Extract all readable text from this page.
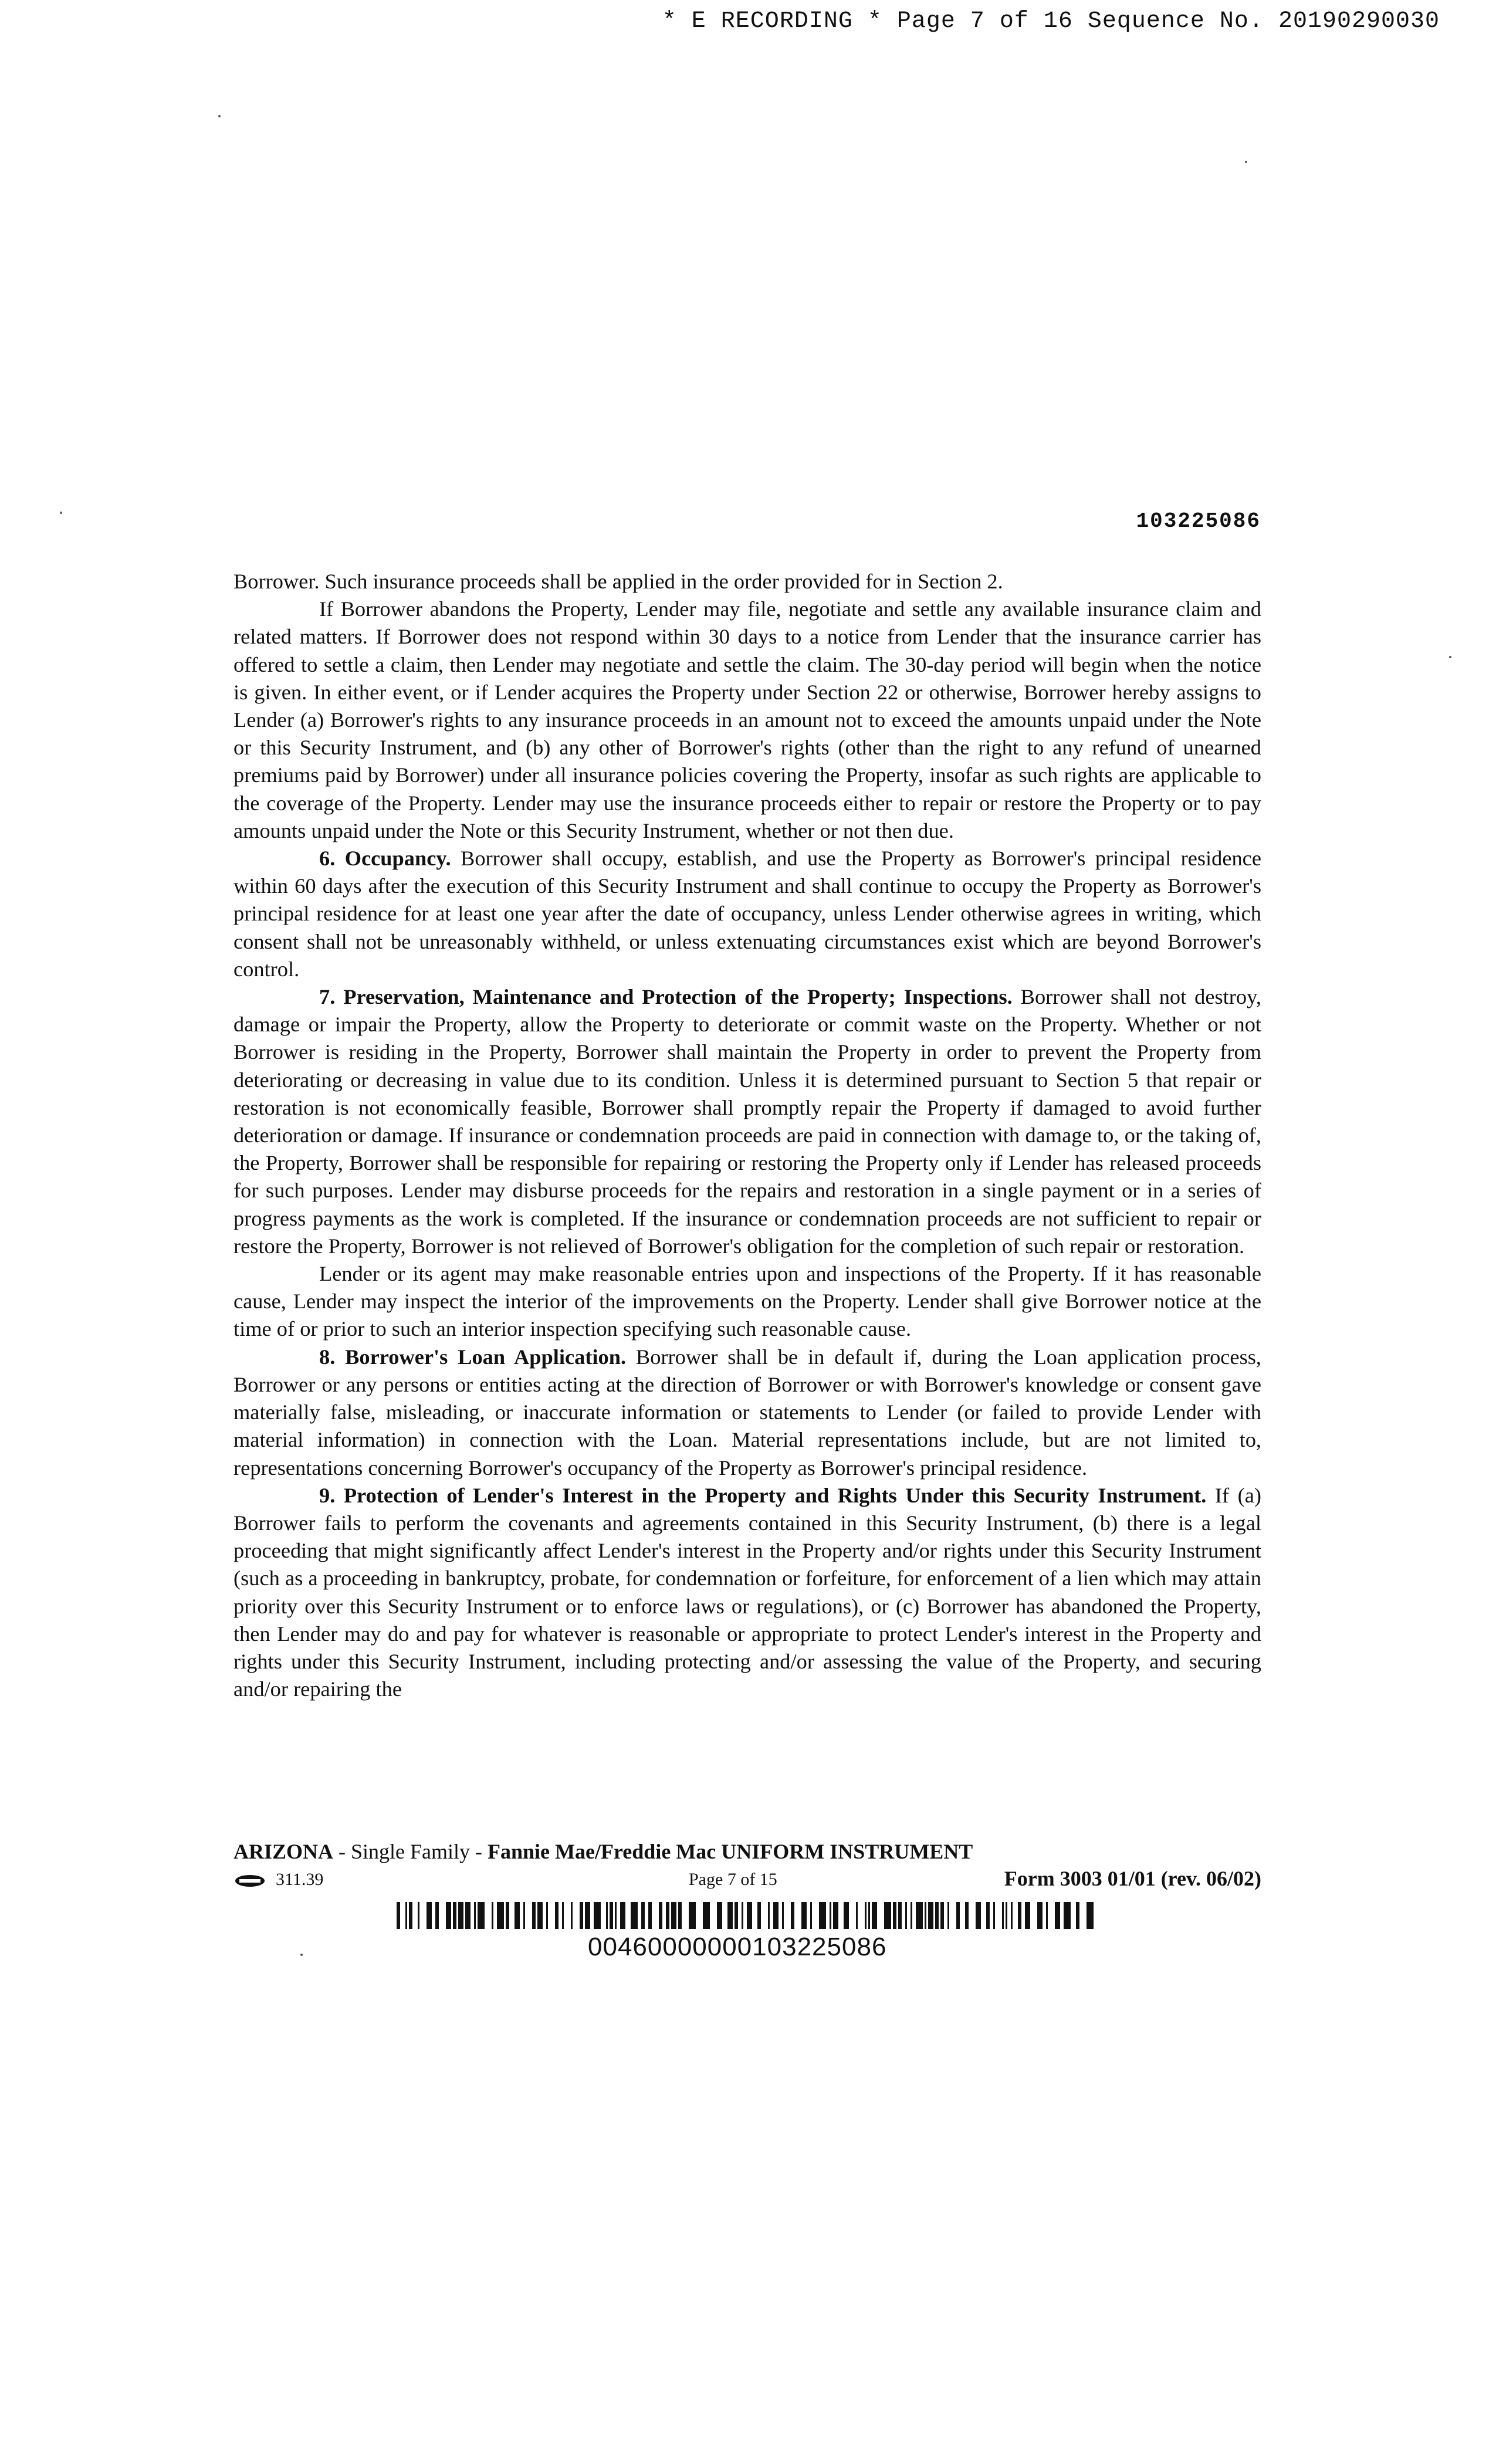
* E RECORDING * Page 7 of 16 Sequence No. 20190290030
103225086

Borrower. Such insurance proceeds shall be applied in the order provided for in Section 2.

If Borrower abandons the Property, Lender may file, negotiate and settle any available insurance claim and related matters. If Borrower does not respond within 30 days to a notice from Lender that the insurance carrier has offered to settle a claim, then Lender may negotiate and settle the claim. The 30-day period will begin when the notice is given. In either event, or if Lender acquires the Property under Section 22 or otherwise, Borrower hereby assigns to Lender (a) Borrower's rights to any insurance proceeds in an amount not to exceed the amounts unpaid under the Note or this Security Instrument, and (b) any other of Borrower's rights (other than the right to any refund of unearned premiums paid by Borrower) under all insurance policies covering the Property, insofar as such rights are applicable to the coverage of the Property. Lender may use the insurance proceeds either to repair or restore the Property or to pay amounts unpaid under the Note or this Security Instrument, whether or not then due.

6. Occupancy. Borrower shall occupy, establish, and use the Property as Borrower's principal residence within 60 days after the execution of this Security Instrument and shall continue to occupy the Property as Borrower's principal residence for at least one year after the date of occupancy, unless Lender otherwise agrees in writing, which consent shall not be unreasonably withheld, or unless extenuating circumstances exist which are beyond Borrower's control.

7. Preservation, Maintenance and Protection of the Property; Inspections. Borrower shall not destroy, damage or impair the Property, allow the Property to deteriorate or commit waste on the Property. Whether or not Borrower is residing in the Property, Borrower shall maintain the Property in order to prevent the Property from deteriorating or decreasing in value due to its condition. Unless it is determined pursuant to Section 5 that repair or restoration is not economically feasible, Borrower shall promptly repair the Property if damaged to avoid further deterioration or damage. If insurance or condemnation proceeds are paid in connection with damage to, or the taking of, the Property, Borrower shall be responsible for repairing or restoring the Property only if Lender has released proceeds for such purposes. Lender may disburse proceeds for the repairs and restoration in a single payment or in a series of progress payments as the work is completed. If the insurance or condemnation proceeds are not sufficient to repair or restore the Property, Borrower is not relieved of Borrower's obligation for the completion of such repair or restoration.

Lender or its agent may make reasonable entries upon and inspections of the Property. If it has reasonable cause, Lender may inspect the interior of the improvements on the Property. Lender shall give Borrower notice at the time of or prior to such an interior inspection specifying such reasonable cause.

8. Borrower's Loan Application. Borrower shall be in default if, during the Loan application process, Borrower or any persons or entities acting at the direction of Borrower or with Borrower's knowledge or consent gave materially false, misleading, or inaccurate information or statements to Lender (or failed to provide Lender with material information) in connection with the Loan. Material representations include, but are not limited to, representations concerning Borrower's occupancy of the Property as Borrower's principal residence.

9. Protection of Lender's Interest in the Property and Rights Under this Security Instrument. If (a) Borrower fails to perform the covenants and agreements contained in this Security Instrument, (b) there is a legal proceeding that might significantly affect Lender's interest in the Property and/or rights under this Security Instrument (such as a proceeding in bankruptcy, probate, for condemnation or forfeiture, for enforcement of a lien which may attain priority over this Security Instrument or to enforce laws or regulations), or (c) Borrower has abandoned the Property, then Lender may do and pay for whatever is reasonable or appropriate to protect Lender's interest in the Property and rights under this Security Instrument, including protecting and/or assessing the value of the Property, and securing and/or repairing the

ARIZONA - Single Family - Fannie Mae/Freddie Mac UNIFORM INSTRUMENT
311.39	Page 7 of 15	Form 3003 01/01 (rev. 06/02)
00460000000103225086
